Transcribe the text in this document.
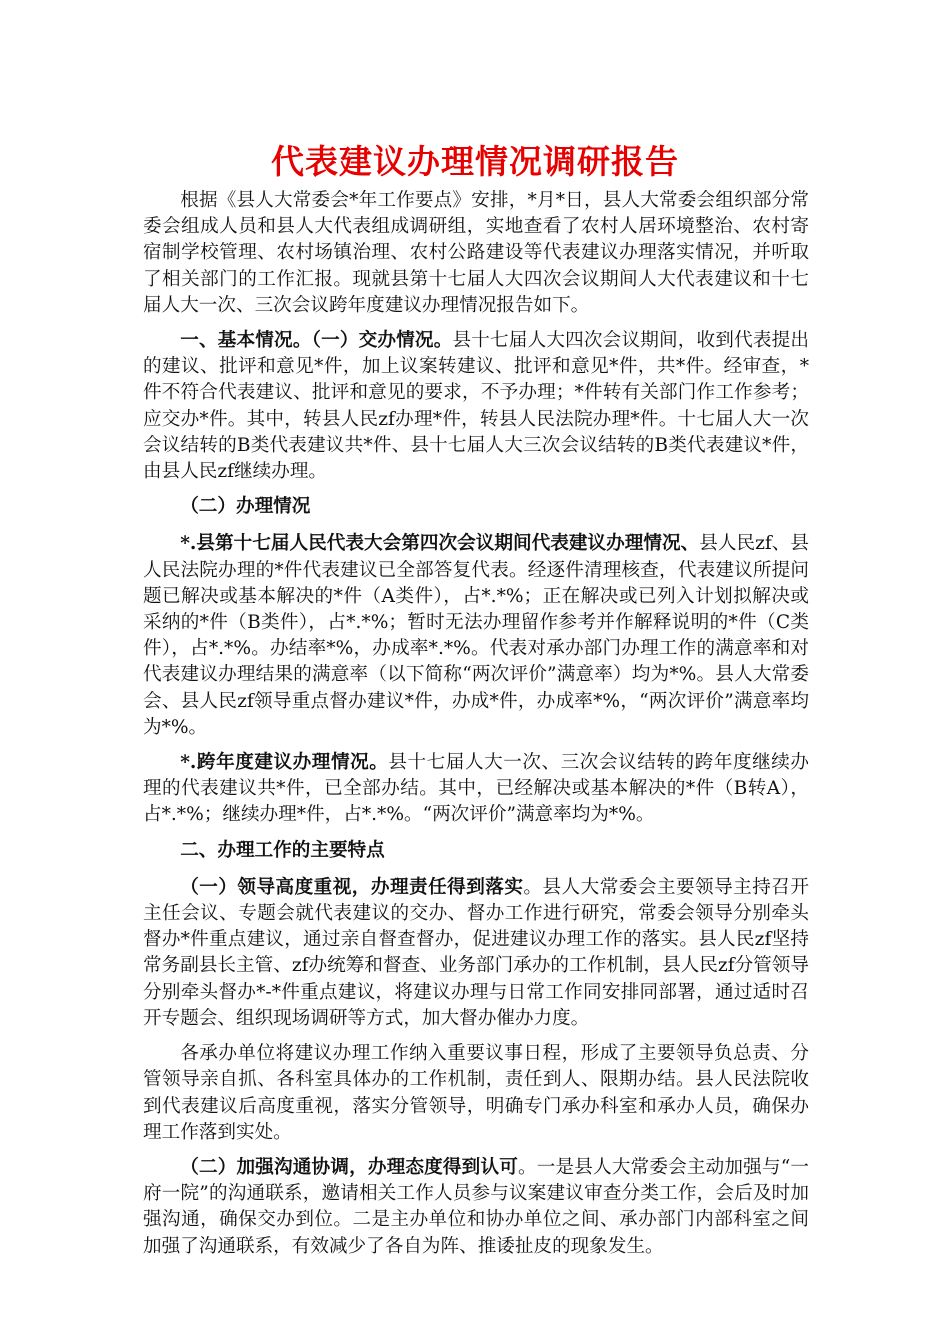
代表建议办理情况调研报告

根据《县人大常委会*年工作要点》安排，*月*日，县人大常委会组织部分常委会组成人员和县人大代表组成调研组，实地查看了农村人居环境整治、农村寄宿制学校管理、农村场镇治理、农村公路建设等代表建议办理落实情况，并听取了相关部门的工作汇报。现就县第十七届人大四次会议期间人大代表建议和十七届人大一次、三次会议跨年度建议办理情况报告如下。

一、基本情况。（一）交办情况。县十七届人大四次会议期间，收到代表提出的建议、批评和意见*件，加上议案转建议、批评和意见*件，共*件。经审查，*件不符合代表建议、批评和意见的要求，不予办理；*件转有关部门作工作参考；应交办*件。其中，转县人民zf办理*件，转县人民法院办理*件。十七届人大一次会议结转的B类代表建议共*件、县十七届人大三次会议结转的B类代表建议*件，由县人民zf继续办理。

（二）办理情况

*.县第十七届人民代表大会第四次会议期间代表建议办理情况、县人民zf、县人民法院办理的*件代表建议已全部答复代表。经逐件清理核查，代表建议所提问题已解决或基本解决的*件（A类件），占*.*%；正在解决或已列入计划拟解决或采纳的*件（B类件），占*.*%；暂时无法办理留作参考并作解释说明的*件（C类件），占*.*%。办结率*%，办成率*.*%。代表对承办部门办理工作的满意率和对代表建议办理结果的满意率（以下简称“两次评价”满意率）均为*%。县人大常委会、县人民zf领导重点督办建议*件，办成*件，办成率*%，“两次评价”满意率均为*%。

*.跨年度建议办理情况。县十七届人大一次、三次会议结转的跨年度继续办理的代表建议共*件，已全部办结。其中，已经解决或基本解决的*件（B转A），占*.*%；继续办理*件，占*.*%。“两次评价”满意率均为*%。

二、办理工作的主要特点

（一）领导高度重视，办理责任得到落实。县人大常委会主要领导主持召开主任会议、专题会就代表建议的交办、督办工作进行研究，常委会领导分别牵头督办*件重点建议，通过亲自督查督办，促进建议办理工作的落实。县人民zf坚持常务副县长主管、zf办统筹和督查、业务部门承办的工作机制，县人民zf分管领导分别牵头督办*-*件重点建议，将建议办理与日常工作同安排同部署，通过适时召开专题会、组织现场调研等方式，加大督办催办力度。

各承办单位将建议办理工作纳入重要议事日程，形成了主要领导负总责、分管领导亲自抓、各科室具体办的工作机制，责任到人、限期办结。县人民法院收到代表建议后高度重视，落实分管领导，明确专门承办科室和承办人员，确保办理工作落到实处。

（二）加强沟通协调，办理态度得到认可。一是县人大常委会主动加强与“一府一院”的沟通联系，邀请相关工作人员参与议案建议审查分类工作，会后及时加强沟通，确保交办到位。二是主办单位和协办单位之间、承办部门内部科室之间加强了沟通联系，有效减少了各自为阵、推诿扯皮的现象发生。
